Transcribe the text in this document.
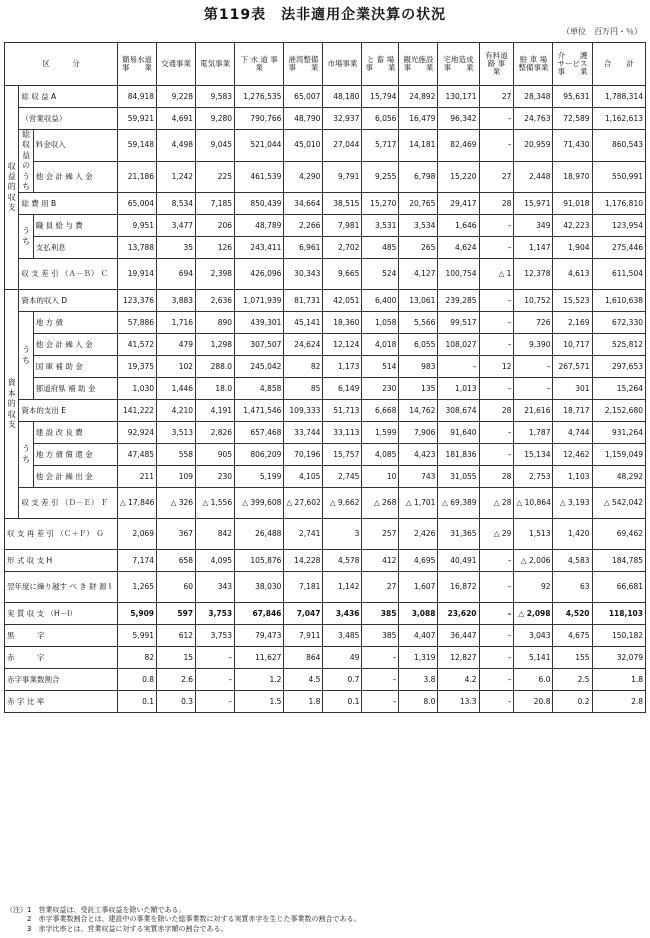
第119表　法非適用企業決算の状況
（単位　百万円・％）
区　　　分			簡易水道 事　　業	交通事業	電気事業	下 水 道 事　　業	港湾整備 事　　業	市場事業	と 畜 場 事　　業	観光施設 事　　業	宅地造成 事　　業	有料道路 事　　業	駐 車 場 整備事業	介　　護 サービス 事　　業	合　　計
収益的収支	総 収 益 A		84,918	9,228	9,583	1,276,535	65,007	48,180	15,794	24,892	130,171	27	28,348	95,631	1,788,314
	（営業収益）		59,921	4,691	9,280	790,766	48,790	32,937	6,056	16,479	96,342	–	24,763	72,589	1,162,613
	総収益のうち	料金収入	59,148	4,498	9,045	521,044	45,010	27,044	5,717	14,181	82,469	–	20,959	71,430	860,543
		他 会 計 繰 入 金	21,186	1,242	225	461,539	4,290	9,791	9,255	6,798	15,220	27	2,448	18,970	550,991
	総 費 用 B		65,004	8,534	7,185	850,439	34,664	38,515	15,270	20,765	29,417	28	15,971	91,018	1,176,810
	うち	職 員 給 与 費	9,951	3,477	206	48,789	2,266	7,981	3,531	3,534	1,646	–	349	42,223	123,954
		支払利息	13,788	35	126	243,411	6,961	2,702	485	265	4,624	–	1,147	1,904	275,446
	収 支 差 引 （Ａ－Ｂ） Ｃ		19,914	694	2,398	426,096	30,343	9,665	524	4,127	100,754	△ 1	12,378	4,613	611,504
資本的収支	資本的収入 D		123,376	3,883	2,636	1,071,939	81,731	42,051	6,400	13,061	239,285	–	10,752	15,523	1,610,638
	うち	地 方 債	57,886	1,716	890	439,301	45,141	18,360	1,058	5,566	99,517	–	726	2,169	672,330
		他 会 計 繰 入 金	41,572	479	1,298	307,507	24,624	12,124	4,018	6,055	108,027	–	9,390	10,717	525,812
		国 庫 補 助 金	19,375	102	288.0	245,042	82	1,173	514	983	–	12	–	267,571	297,653
		都道府県 補 助 金	1,030	1,446	18.0	4,858	85	6,149	230	135	1,013	–	–	301	15,264
	資本的支出 E		141,222	4,210	4,191	1,471,546	109,333	51,713	6,668	14,762	308,674	28	21,616	18,717	2,152,680
	うち	建 設 改 良 費	92,924	3,513	2,826	657,468	33,744	33,113	1,599	7,906	91,640	–	1,787	4,744	931,264
		地 方 債 償 還 金	47,485	558	905	806,209	70,196	15,757	4,085	4,423	181,836	–	15,134	12,462	1,159,049
		他 会 計 繰 出 金	211	109	230	5,199	4,105	2,745	10	743	31,055	28	2,753	1,103	48,292
	収 支 差 引 （Ｄ－Ｅ） Ｆ		△ 17,846	△ 326	△ 1,556	△ 399,608	△ 27,602	△ 9,662	△ 268	△ 1,701	△ 69,389	△ 28	△ 10,864	△ 3,193	△ 542,042
収 支 再 差 引 （Ｃ＋Ｆ） Ｇ			2,069	367	842	26,488	2,741	3	257	2,426	31,365	△ 29	1,513	1,420	69,462
形 式 収 支 H			7,174	658	4,095	105,876	14,228	4,578	412	4,695	40,491	–	△ 2,006	4,583	184,785
翌年度に繰り越す べ き 財 源 I			1,265	60	343	38,030	7,181	1,142	27	1,607	16,872	–	92	63	66,681
実 質 収 支 （H－I）			5,909	597	3,753	67,846	7,047	3,436	385	3,088	23,620	–	△ 2,098	4,520	118,103
黒　　　字			5,991	612	3,753	79,473	7,911	3,485	385	4,407	36,447	–	3,043	4,675	150,182
赤　　　字			82	15	–	11,627	864	49	–	1,319	12,827	–	5,141	155	32,079
赤字事業数割合			0.8	2.6	–	1.2	4.5	0.7	–	3.8	4.2	–	6.0	2.5	1.8
赤 字 比 率			0.1	0.3	–	1.5	1.8	0.1	–	8.0	13.3	–	20.8	0.2	2.8
（注）1　営業収益は、受託工事収益を除いた額である。
　　　2　赤字事業数割合とは、建設中の事業を除いた総事業数に対する実質赤字を生じた事業数の割合である。
　　　3　赤字比率とは、営業収益に対する実質赤字額の割合である。
